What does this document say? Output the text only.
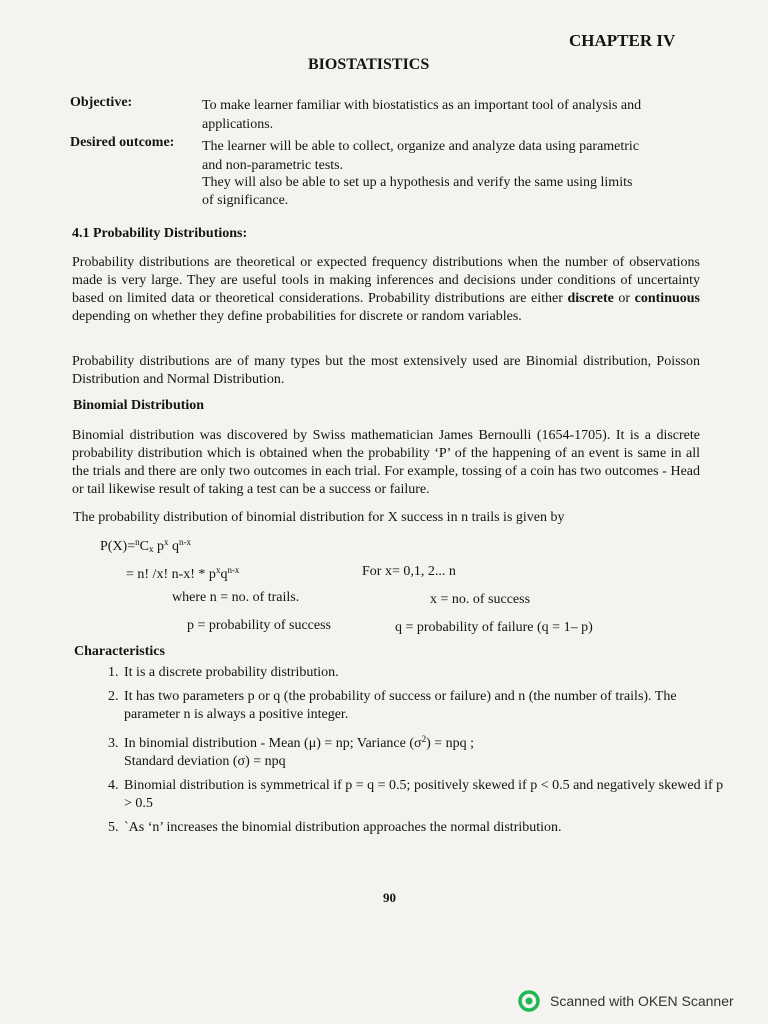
CHAPTER IV
BIOSTATISTICS
Objective:	To make learner familiar with biostatistics as an important tool of analysis and
applications.
Desired outcome: The learner will be able to collect, organize and analyze data using parametric
and non-parametric tests.
They will also be able to set up a hypothesis and verify the same using limits
of significance.
4.1 Probability Distributions:
Probability distributions are theoretical or expected frequency distributions when the number of observations made is very large. They are useful tools in making inferences and decisions under conditions of uncertainty based on limited data or theoretical considerations. Probability distributions are either discrete or continuous depending on whether they define probabilities for discrete or random variables.
Probability distributions are of many types but the most extensively used are Binomial distribution, Poisson Distribution and Normal Distribution.
Binomial Distribution
Binomial distribution was discovered by Swiss mathematician James Bernoulli (1654-1705). It is a discrete probability distribution which is obtained when the probability ‘P’ of the happening of an event is same in all the trials and there are only two outcomes in each trial. For example, tossing of a coin has two outcomes - Head or tail likewise result of taking a test can be a success or failure.
The probability distribution of binomial distribution for X success in n trails is given by
$P(X)=^nC_x$ $p^x$ $q^{n-x}$
= n! /x! n-x! * $p^xq^{n-x}$	For x= 0,1, 2... n
where n = no. of trails.	x = no. of success
p = probability of success	q = probability of failure (q = 1– p)
Characteristics
1. It is a discrete probability distribution.
2. It has two parameters p or q (the probability of success or failure) and n (the number of trails). The parameter n is always a positive integer.
3. In binomial distribution - Mean (μ) = np; Variance $(\sigma^2)$ = npq ;
Standard deviation (σ) = npq
4. Binomial distribution is symmetrical if p = q = 0.5; positively skewed if p < 0.5 and negatively skewed if p > 0.5
5. `As ‘n’ increases the binomial distribution approaches the normal distribution.
90
Scanned with OKEN Scanner
